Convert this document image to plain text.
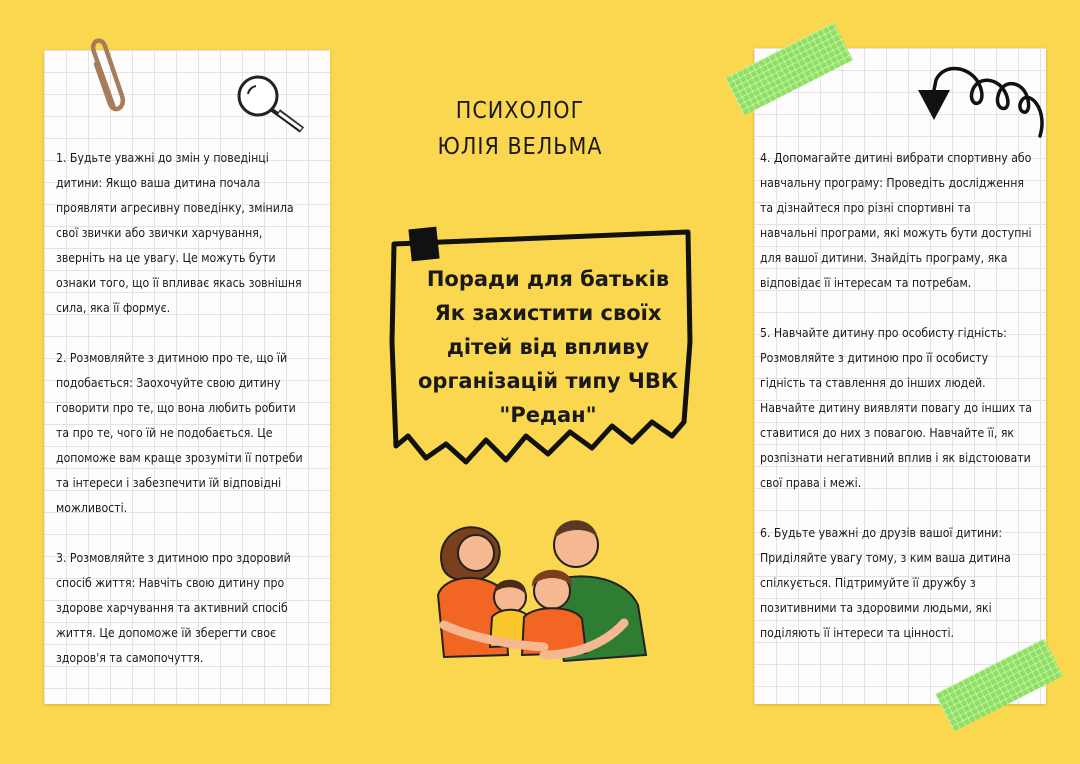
ПСИХОЛОГ
ЮЛІЯ ВЕЛЬМА
Поради для батьків
Як захистити своїх
дітей від впливу
організацій типу ЧВК
"Редан"

1. Будьте уважні до змін у поведінці
дитини: Якщо ваша дитина почала
проявляти агресивну поведінку, змінила
свої звички або звички харчування,
зверніть на це увагу. Це можуть бути
ознаки того, що її впливає якась зовнішня
сила, яка її формує.

2. Розмовляйте з дитиною про те, що їй
подобається: Заохочуйте свою дитину
говорити про те, що вона любить робити
та про те, чого їй не подобається. Це
допоможе вам краще зрозуміти її потреби
та інтереси і забезпечити їй відповідні
можливості.

3. Розмовляйте з дитиною про здоровий
спосіб життя: Навчіть свою дитину про
здорове харчування та активний спосіб
життя. Це допоможе їй зберегти своє
здоров'я та самопочуття.

4. Допомагайте дитині вибрати спортивну або
навчальну програму: Проведіть дослідження
та дізнайтеся про різні спортивні та
навчальні програми, які можуть бути доступні
для вашої дитини. Знайдіть програму, яка
відповідає її інтересам та потребам.

5. Навчайте дитину про особисту гідність:
Розмовляйте з дитиною про її особисту
гідність та ставлення до інших людей.
Навчайте дитину виявляти повагу до інших та
ставитися до них з повагою. Навчайте її, як
розпізнати негативний вплив і як відстоювати
свої права і межі.

6. Будьте уважні до друзів вашої дитини:
Приділяйте увагу тому, з ким ваша дитина
спілкується. Підтримуйте її дружбу з
позитивними та здоровими людьми, які
поділяють її інтереси та цінності.
